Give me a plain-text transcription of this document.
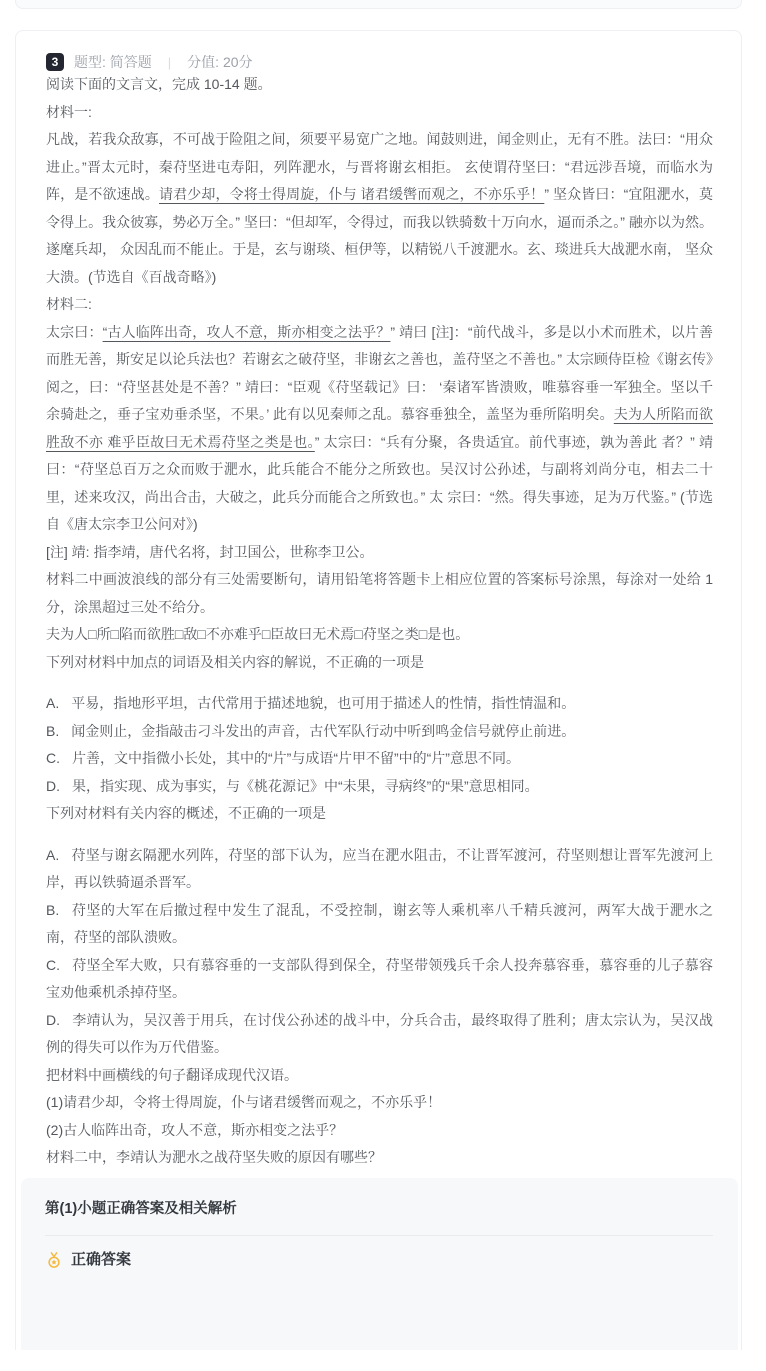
3	题型: 简答题	|	分值: 20分

阅读下面的文言文，完成 10-14 题。

材料一:

凡战，若我众敌寡，不可战于险阻之间，须要平易宽广之地。闻鼓则进，闻金则止，无有不胜。法曰：“用众进止。”晋太元时，秦苻坚进屯寿阳，列阵淝水，与晋将谢玄相拒。 玄使谓苻坚曰：“君远涉吾境，而临水为阵，是不欲速战。请君少却，令将士得周旋，仆与 诸君缓辔而观之，不亦乐乎！” 坚众皆曰：“宜阻淝水，莫令得上。我众彼寡，势必万全。” 坚曰：“但却军，令得过，而我以铁骑数十万向水，逼而杀之。” 融亦以为然。遂麾兵却， 众因乱而不能止。于是，玄与谢琰、桓伊等，以精锐八千渡淝水。玄、琰进兵大战淝水南， 坚众大溃。(节选自《百战奇略》)

材料二:

太宗曰：“古人临阵出奇，攻人不意，斯亦相变之法乎？” 靖曰 [注]：“前代战斗，多是以小术而胜术，以片善而胜无善，斯安足以论兵法也？若谢玄之破苻坚，非谢玄之善也，盖苻坚之不善也。” 太宗顾侍臣检《谢玄传》阅之，曰：“苻坚甚处是不善？” 靖曰：“臣观《苻坚载记》曰： ‘秦诸军皆溃败，唯慕容垂一军独全。坚以千余骑赴之，垂子宝劝垂杀坚，不果。’ 此有以见秦师之乱。慕容垂独全，盖坚为垂所陷明矣。夫为人所陷而欲胜敌不亦 难乎臣故曰无术焉苻坚之类是也。” 太宗曰：“兵有分聚，各贵适宜。前代事迹，孰为善此 者？” 靖曰：“苻坚总百万之众而败于淝水，此兵能合不能分之所致也。吴汉讨公孙述，与副将刘尚分屯，相去二十里，述来攻汉，尚出合击，大破之，此兵分而能合之所致也。” 太 宗曰：“然。得失事迹，足为万代鉴。” (节选自《唐太宗李卫公问对》)

[注] 靖: 指李靖，唐代名将，封卫国公，世称李卫公。

材料二中画波浪线的部分有三处需要断句，请用铅笔将答题卡上相应位置的答案标号涂黑，每涂对一处给 1 分，涂黑超过三处不给分。

夫为人□所□陷而欲胜□敌□不亦难乎□臣故曰无术焉□苻坚之类□是也。

下列对材料中加点的词语及相关内容的解说，不正确的一项是

A. 平易，指地形平坦，古代常用于描述地貌，也可用于描述人的性情，指性情温和。

B. 闻金则止，金指敲击刁斗发出的声音，古代军队行动中听到鸣金信号就停止前进。

C. 片善，文中指微小长处，其中的“片”与成语“片甲不留”中的“片”意思不同。

D. 果，指实现、成为事实，与《桃花源记》中“未果，寻病终”的“果”意思相同。

下列对材料有关内容的概述，不正确的一项是

A. 苻坚与谢玄隔淝水列阵，苻坚的部下认为，应当在淝水阻击，不让晋军渡河，苻坚则想让晋军先渡河上岸，再以铁骑逼杀晋军。

B. 苻坚的大军在后撤过程中发生了混乱，不受控制，谢玄等人乘机率八千精兵渡河，两军大战于淝水之南，苻坚的部队溃败。

C. 苻坚全军大败，只有慕容垂的一支部队得到保全，苻坚带领残兵千余人投奔慕容垂，慕容垂的儿子慕容宝劝他乘机杀掉苻坚。

D. 李靖认为，吴汉善于用兵，在讨伐公孙述的战斗中，分兵合击，最终取得了胜利；唐太宗认为，吴汉战例的得失可以作为万代借鉴。

把材料中画横线的句子翻译成现代汉语。

(1)请君少却，令将士得周旋，仆与诸君缓辔而观之，不亦乐乎！

(2)古人临阵出奇，攻人不意，斯亦相变之法乎？

材料二中，李靖认为淝水之战苻坚失败的原因有哪些？

第(1)小题正确答案及相关解析

正确答案
